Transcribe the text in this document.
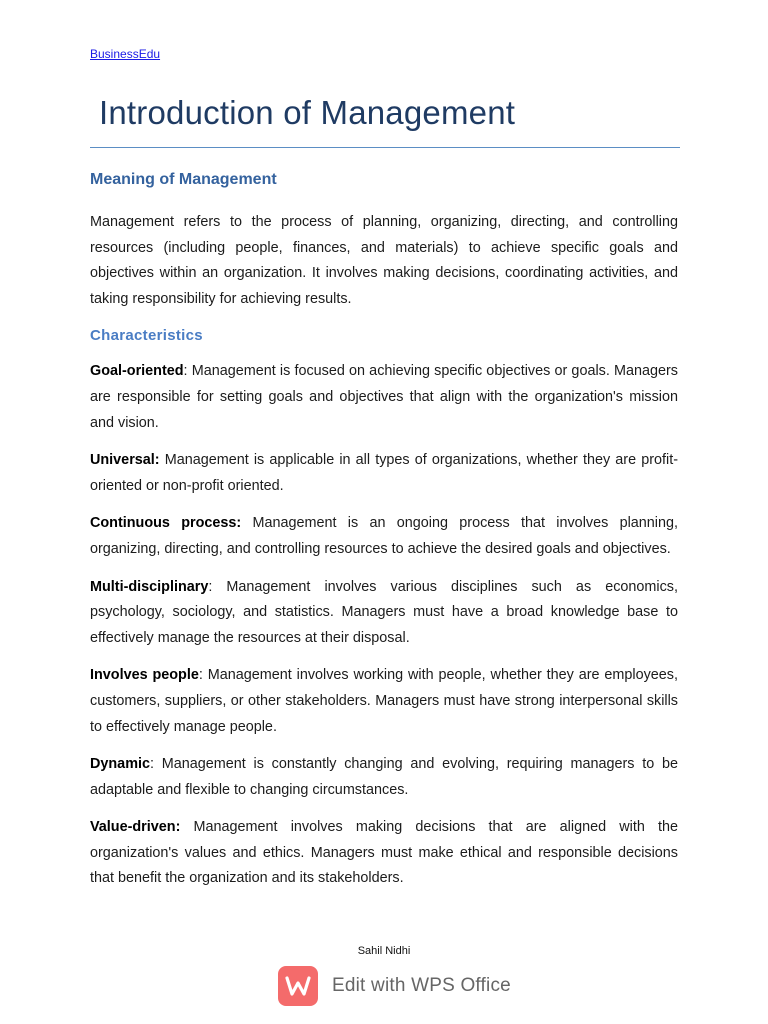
BusinessEdu
Introduction of Management
Meaning of Management

Management refers to the process of planning, organizing, directing, and controlling resources (including people, finances, and materials) to achieve specific goals and objectives within an organization. It involves making decisions, coordinating activities, and taking responsibility for achieving results.

Characteristics

Goal-oriented: Management is focused on achieving specific objectives or goals. Managers are responsible for setting goals and objectives that align with the organization's mission and vision.

Universal: Management is applicable in all types of organizations, whether they are profit-oriented or non-profit oriented.

Continuous process: Management is an ongoing process that involves planning, organizing, directing, and controlling resources to achieve the desired goals and objectives.

Multi-disciplinary: Management involves various disciplines such as economics, psychology, sociology, and statistics. Managers must have a broad knowledge base to effectively manage the resources at their disposal.

Involves people: Management involves working with people, whether they are employees, customers, suppliers, or other stakeholders. Managers must have strong interpersonal skills to effectively manage people.

Dynamic: Management is constantly changing and evolving, requiring managers to be adaptable and flexible to changing circumstances.

Value-driven: Management involves making decisions that are aligned with the organization's values and ethics. Managers must make ethical and responsible decisions that benefit the organization and its stakeholders.

Sahil Nidhi
Edit with WPS Office
